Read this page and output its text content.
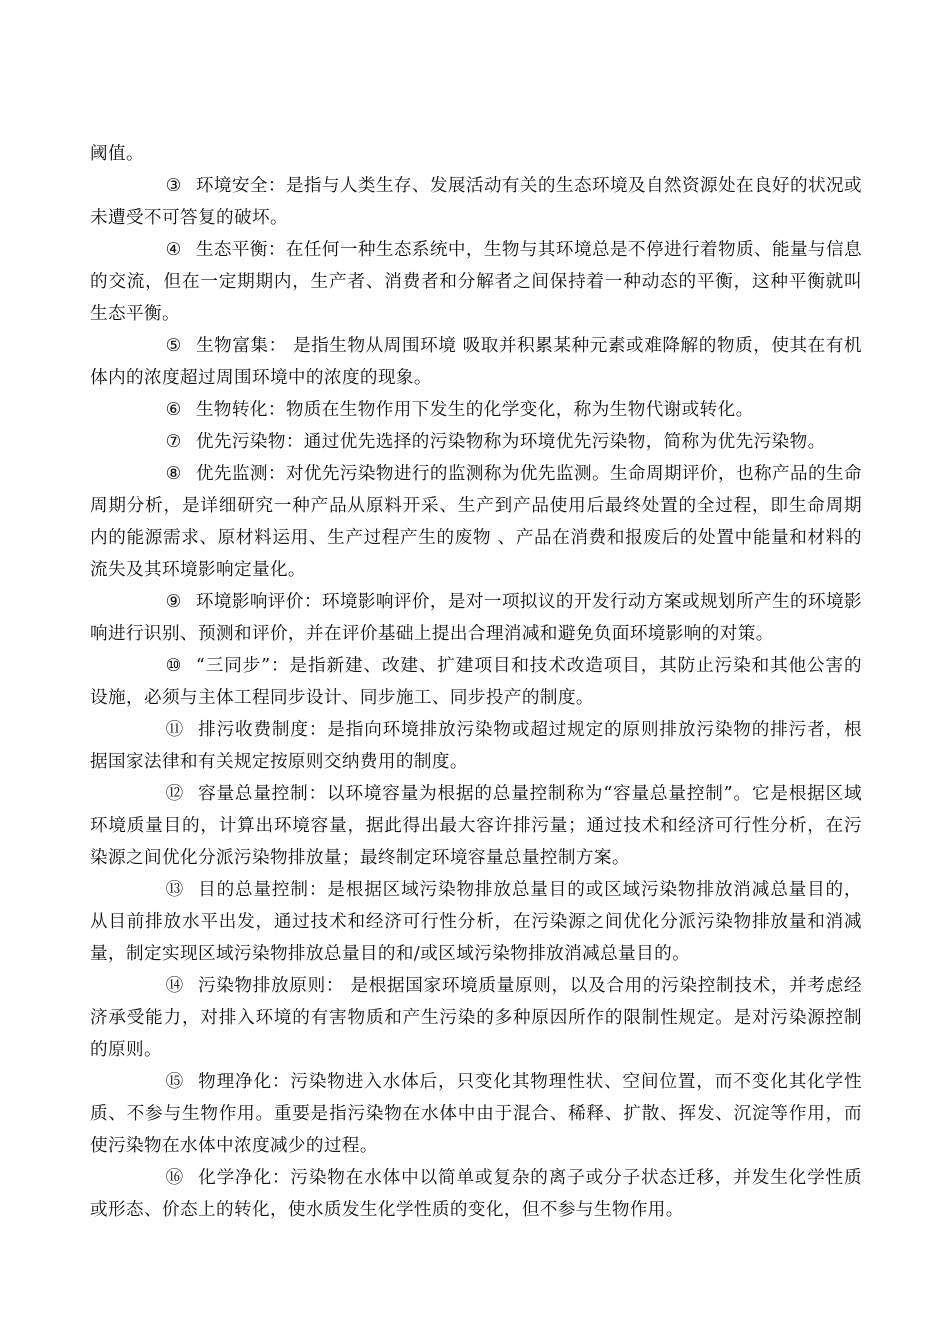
阈值。

③ 环境安全：是指与人类生存、发展活动有关的生态环境及自然资源处在良好的状况或未遭受不可答复的破坏。

④ 生态平衡：在任何一种生态系统中，生物与其环境总是不停进行着物质、能量与信息的交流，但在一定期期内，生产者、消费者和分解者之间保持着一种动态的平衡，这种平衡就叫生态平衡。

⑤ 生物富集： 是指生物从周围环境 吸取并积累某种元素或难降解的物质，使其在有机体内的浓度超过周围环境中的浓度的现象。

⑥ 生物转化：物质在生物作用下发生的化学变化，称为生物代谢或转化。

⑦ 优先污染物：通过优先选择的污染物称为环境优先污染物，简称为优先污染物。

⑧ 优先监测：对优先污染物进行的监测称为优先监测。生命周期评价，也称产品的生命周期分析，是详细研究一种产品从原料开采、生产到产品使用后最终处置的全过程，即生命周期内的能源需求、原材料运用、生产过程产生的废物 、产品在消费和报废后的处置中能量和材料的流失及其环境影响定量化。

⑨ 环境影响评价：环境影响评价，是对一项拟议的开发行动方案或规划所产生的环境影响进行识别、预测和评价，并在评价基础上提出合理消减和避免负面环境影响的对策。

⑩ “三同步”：是指新建、改建、扩建项目和技术改造项目，其防止污染和其他公害的设施，必须与主体工程同步设计、同步施工、同步投产的制度。

⑪ 排污收费制度：是指向环境排放污染物或超过规定的原则排放污染物的排污者，根据国家法律和有关规定按原则交纳费用的制度。

⑫ 容量总量控制：以环境容量为根据的总量控制称为“容量总量控制”。它是根据区域环境质量目的，计算出环境容量，据此得出最大容许排污量；通过技术和经济可行性分析，在污染源之间优化分派污染物排放量；最终制定环境容量总量控制方案。

⑬ 目的总量控制：是根据区域污染物排放总量目的或区域污染物排放消减总量目的，从目前排放水平出发，通过技术和经济可行性分析，在污染源之间优化分派污染物排放量和消减量，制定实现区域污染物排放总量目的和/或区域污染物排放消减总量目的。

⑭ 污染物排放原则： 是根据国家环境质量原则，以及合用的污染控制技术，并考虑经济承受能力，对排入环境的有害物质和产生污染的多种原因所作的限制性规定。是对污染源控制的原则。

⑮ 物理净化：污染物进入水体后，只变化其物理性状、空间位置，而不变化其化学性质、不参与生物作用。重要是指污染物在水体中由于混合、稀释、扩散、挥发、沉淀等作用，而使污染物在水体中浓度减少的过程。

⑯ 化学净化：污染物在水体中以简单或复杂的离子或分子状态迁移，并发生化学性质或形态、价态上的转化，使水质发生化学性质的变化，但不参与生物作用。
